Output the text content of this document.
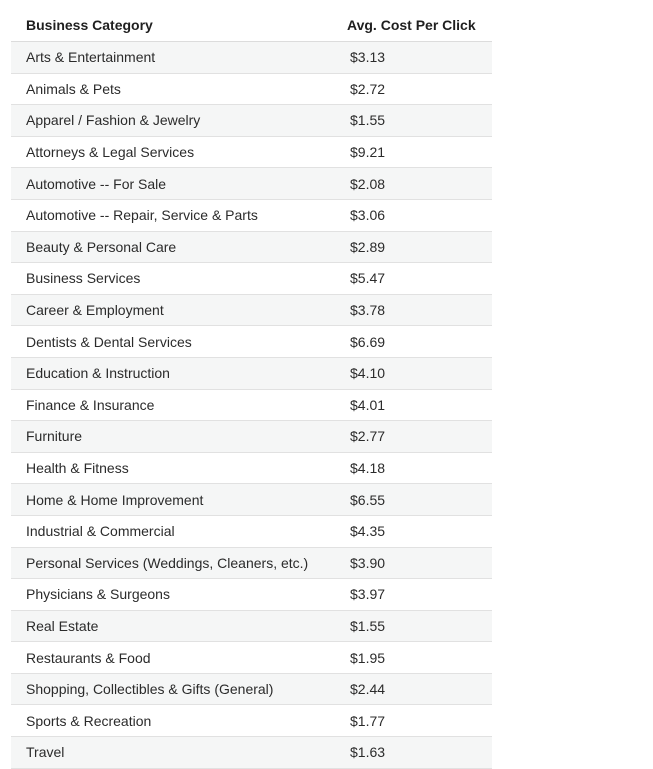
Business Category	Avg. Cost Per Click
Arts & Entertainment	$3.13
Animals & Pets	$2.72
Apparel / Fashion & Jewelry	$1.55
Attorneys & Legal Services	$9.21
Automotive -- For Sale	$2.08
Automotive -- Repair, Service & Parts	$3.06
Beauty & Personal Care	$2.89
Business Services	$5.47
Career & Employment	$3.78
Dentists & Dental Services	$6.69
Education & Instruction	$4.10
Finance & Insurance	$4.01
Furniture	$2.77
Health & Fitness	$4.18
Home & Home Improvement	$6.55
Industrial & Commercial	$4.35
Personal Services (Weddings, Cleaners, etc.)	$3.90
Physicians & Surgeons	$3.97
Real Estate	$1.55
Restaurants & Food	$1.95
Shopping, Collectibles & Gifts (General)	$2.44
Sports & Recreation	$1.77
Travel	$1.63
